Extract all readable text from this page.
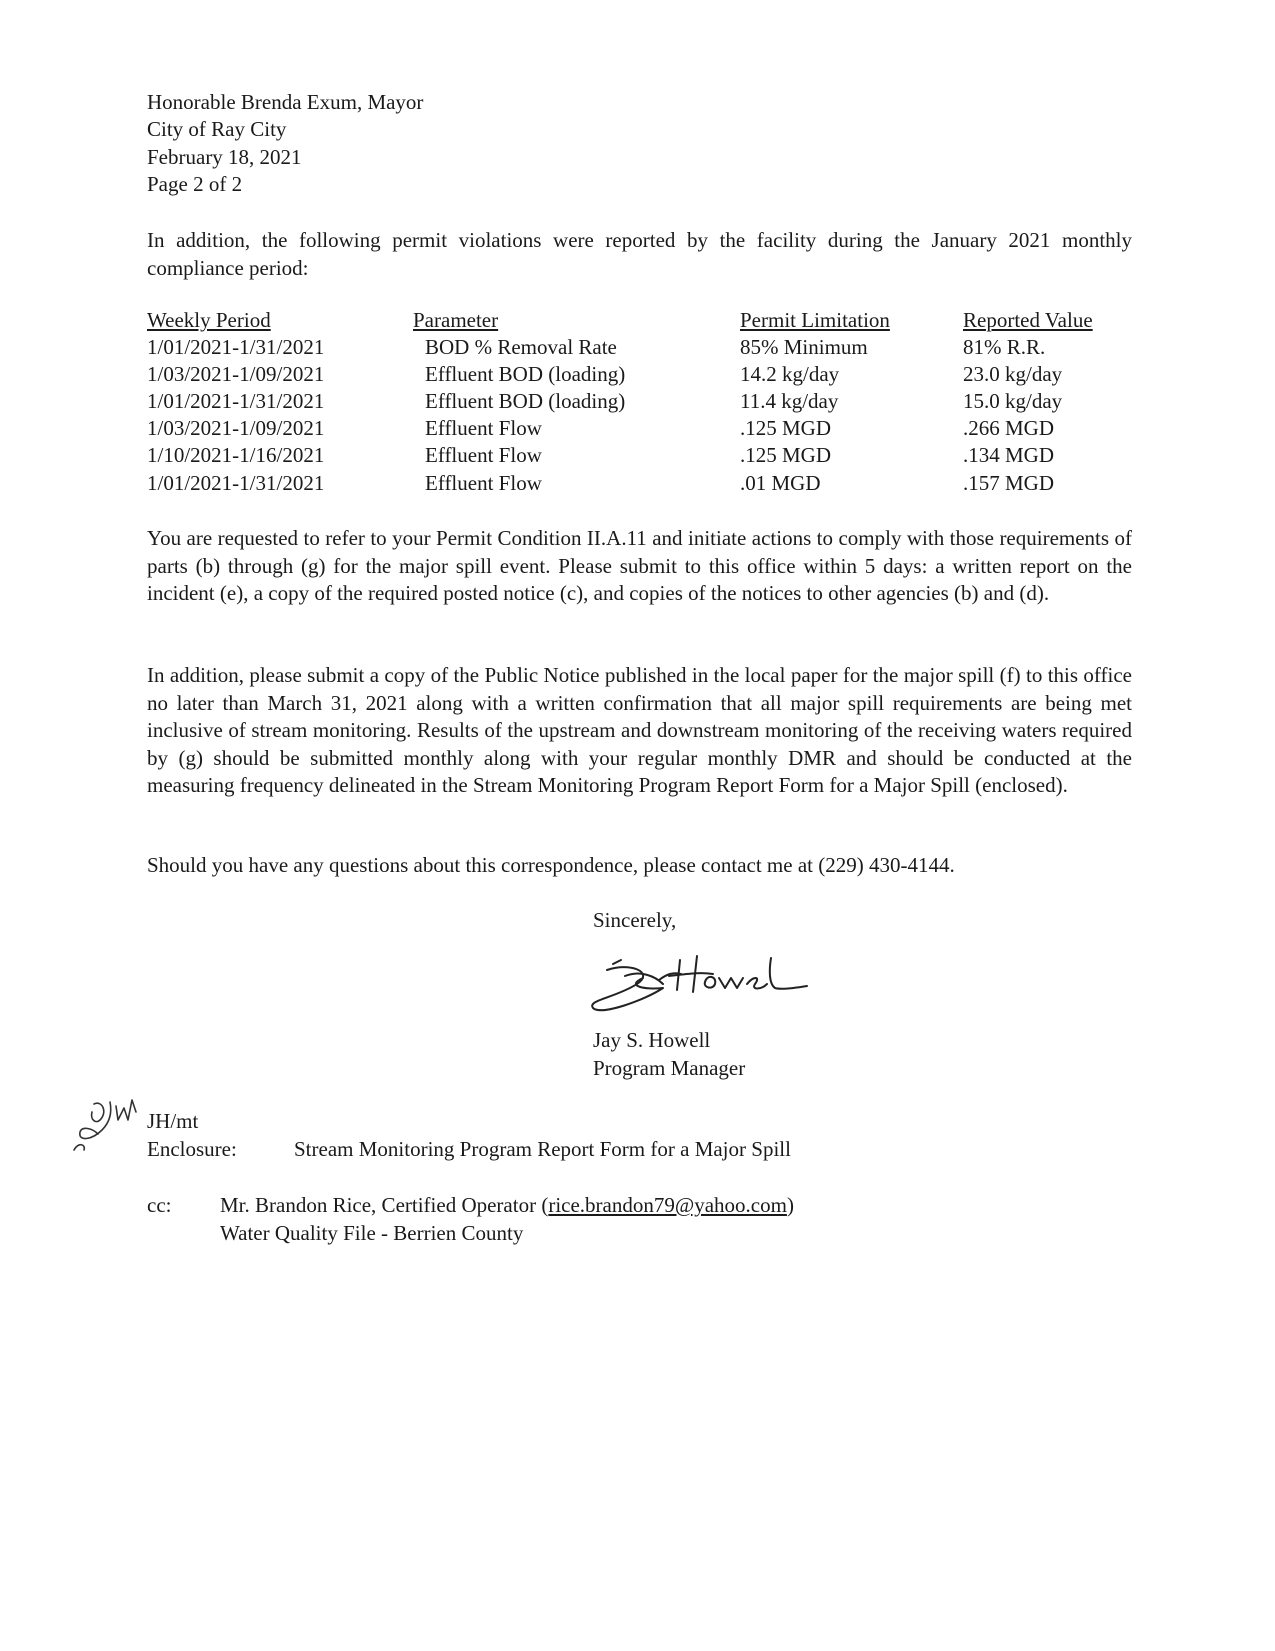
Honorable Brenda Exum, Mayor
City of Ray City
February 18, 2021
Page 2 of 2
In addition, the following permit violations were reported by the facility during the January 2021 monthly compliance period:
Weekly Period	Parameter	Permit Limitation	Reported Value
1/01/2021-1/31/2021	BOD % Removal Rate	85% Minimum	81% R.R.
1/03/2021-1/09/2021	Effluent BOD (loading)	14.2 kg/day	23.0 kg/day
1/01/2021-1/31/2021	Effluent BOD (loading)	11.4 kg/day	15.0 kg/day
1/03/2021-1/09/2021	Effluent Flow	.125 MGD	.266 MGD
1/10/2021-1/16/2021	Effluent Flow	.125 MGD	.134 MGD
1/01/2021-1/31/2021	Effluent Flow	.01 MGD	.157 MGD
You are requested to refer to your Permit Condition II.A.11 and initiate actions to comply with those requirements of parts (b) through (g) for the major spill event. Please submit to this office within 5 days: a written report on the incident (e), a copy of the required posted notice (c), and copies of the notices to other agencies (b) and (d).
In addition, please submit a copy of the Public Notice published in the local paper for the major spill (f) to this office no later than March 31, 2021 along with a written confirmation that all major spill requirements are being met inclusive of stream monitoring. Results of the upstream and downstream monitoring of the receiving waters required by (g) should be submitted monthly along with your regular monthly DMR and should be conducted at the measuring frequency delineated in the Stream Monitoring Program Report Form for a Major Spill (enclosed).
Should you have any questions about this correspondence, please contact me at (229) 430-4144.
Sincerely,
Jay S. Howell
Program Manager
JH/mt
Enclosure:	Stream Monitoring Program Report Form for a Major Spill
cc: Mr. Brandon Rice, Certified Operator (rice.brandon79@yahoo.com)
Water Quality File - Berrien County
